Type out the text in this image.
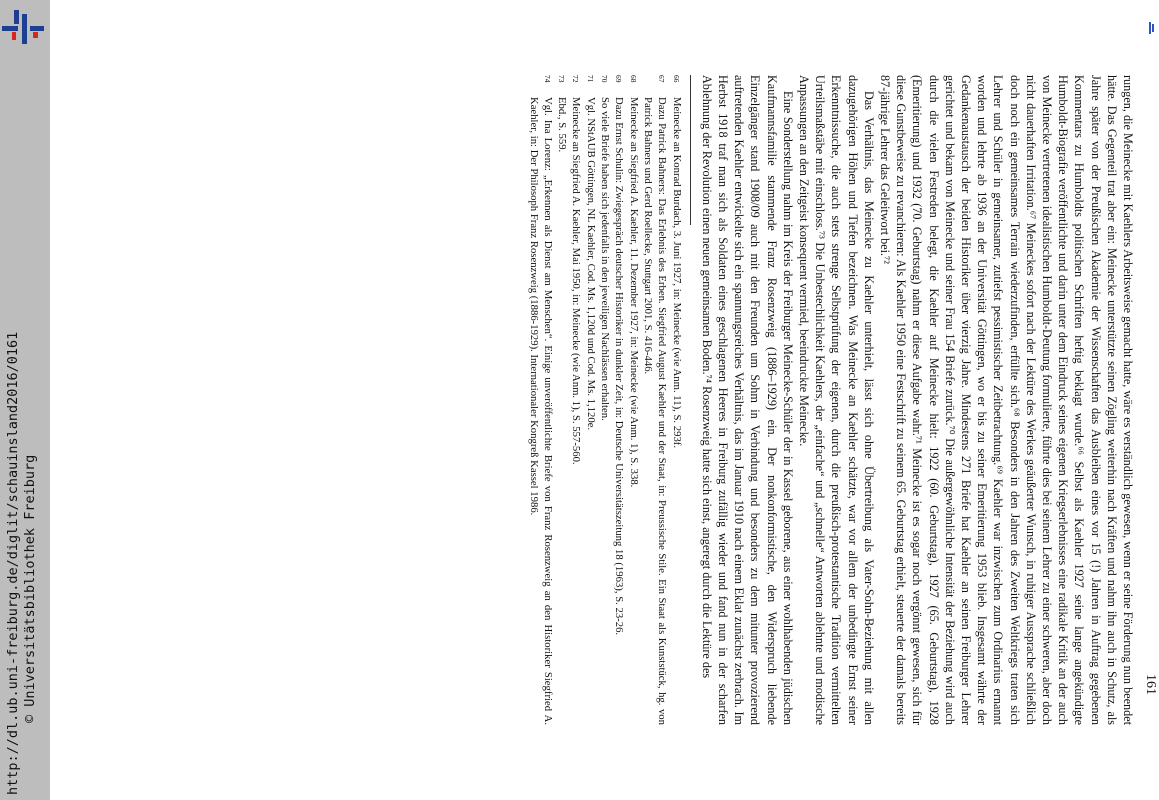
http://dl.ub.uni-freiburg.de/diglit/schauinsland2016/0161 © Universitätsbibliothek Freiburg	161

rungen, die Meinecke mit Kaehlers Arbeitsweise gemacht hatte, wäre es verständlich gewesen, wenn er seine Förderung nun beendet hätte. Das Gegenteil trat aber ein: Meinecke unterstützte seinen Zögling weiterhin nach Kräften und nahm ihn auch in Schutz, als Jahre später von der Preußischen Akademie der Wissenschaften das Ausbleiben eines vor 15 (!) Jahren in Auftrag gegebenen Kommentars zu Humboldts politischen Schriften heftig beklagt wurde.⁶⁶ Selbst als Kaehler 1927 seine lange angekündigte Humboldt-Biografie veröffentlichte und darin unter dem Eindruck seines eigenen Kriegserlebnisses eine radikale Kritik an der auch von Meinecke vertretenen idealistischen Humboldt-Deutung formulierte, führte dies bei seinem Lehrer zu einer schweren, aber doch nicht dauerhaften Irritation.⁶⁷ Meineckes sofort nach der Lektüre des Werkes geäußerter Wunsch, in ruhiger Aussprache schließlich doch noch ein gemeinsames Terrain wiederzufinden, erfüllte sich.⁶⁸ Besonders in den Jahren des Zweiten Weltkriegs traten sich Lehrer und Schüler in gemeinsamer, zutiefst pessimistischer Zeitbetrachtung.⁶⁹ Kaehler war inzwischen zum Ordinarius ernannt worden und lehrte ab 1936 an der Universität Göttingen, wo er bis zu seiner Emeritierung 1953 blieb. Insgesamt währte der Gedankenaustausch der beiden Historiker über vierzig Jahre. Mindestens 271 Briefe hat Kaehler an seinen Freiburger Lehrer gerichtet und bekam von Meinecke und seiner Frau 154 Briefe zurück.⁷⁰ Die außergewöhnliche Intensität der Beziehung wird auch durch die vielen Festreden belegt, die Kaehler auf Meinecke hielt: 1922 (60. Geburtstag), 1927 (65. Geburtstag), 1928 (Emeritierung) und 1932 (70. Geburtstag) nahm er diese Aufgabe wahr.⁷¹ Meinecke ist es sogar noch vergönnt gewesen, sich für diese Gunstbeweise zu revanchieren: Als Kaehler 1950 eine Festschrift zu seinem 65. Geburtstag erhielt, steuerte der damals bereits 87-jährige Lehrer das Geleitwort bei.⁷²

Das Verhältnis, das Meinecke zu Kaehler unterhielt, lässt sich ohne Übertreibung als Vater-Sohn-Beziehung mit allen dazugehörigen Höhen und Tiefen bezeichnen. Was Meinecke an Kaehler schätzte, war vor allem der unbedingte Ernst seiner Erkenntnissuche, die auch stets strenge Selbstprüfung der eigenen, durch die preußisch-protestantische Tradition vermittelten Urteilsmaßstäbe mit einschloss.⁷³ Die Unbestechlichkeit Kaehlers, der „einfache“ und „schnelle“ Antworten ablehnte und modische Anpassungen an den Zeitgeist konsequent vermied, beeindruckte Meinecke.

Eine Sonderstellung nahm im Kreis der Freiburger Meinecke-Schüler der in Kassel geborene, aus einer wohlhabenden jüdischen Kaufmannsfamilie stammende Franz Rosenzweig (1886–1929) ein. Der nonkonformistische, den Widerspruch liebende Einzelgänger stand 1908/09 auch mit den Freunden um Sohm in Verbindung und besonders zu dem mitunter provozierend auftretenden Kaehler entwickelte sich ein spannungsreiches Verhältnis, das im Januar 1910 nach einem Eklat zunächst zerbrach. Im Herbst 1918 traf man sich als Soldaten eines geschlagenen Heeres in Freiburg zufällig wieder und fand nun in der scharfen Ablehnung der Revolution einen neuen gemeinsamen Boden.⁷⁴ Rosenzweig hatte sich einst, angeregt durch die Lektüre des

66
Meinecke an Konrad Burdach, 3. Juni 1927, in: Meinecke (wie Anm. 11), S. 293f.
67
Dazu Patrick Bahners: Das Erlebnis des Erben. Siegfried August Kaehler und der Staat, in: Preussische Stile. Ein Staat als Kunststück, hg. von Patrick Bahners und Gerd Roellecke, Stuttgart 2001, S. 416-446.
68
Meinecke an Siegfried A. Kaehler, 11. Dezember 1927, in: Meinecke (wie Anm. 1), S. 338.
69
Dazu Ernst Schulin: Zwiegespräch deutscher Historiker in dunkler Zeit, in: Deutsche Universitätszeitung 18 (1963), S. 23-26.
70
So viele Briefe haben sich jedenfalls in den jeweiligen Nachlässen erhalten.
71
Vgl. NStAUB Göttingen, NL Kaehler, Cod. Ms. 1,120d und Cod. Ms. 1,120e.
72
Meinecke an Siegfried A. Kaehler, Mai 1950, in: Meinecke (wie Anm. 1), S. 557-560.
73
Ebd., S. 559.
74
Vgl. Ina Lorenz: „Erkennen als Dienst am Menschen“. Einige unveröffentlichte Briefe von Franz Rosenzweig an den Historiker Siegfried A. Kaehler, in: Der Philosoph Franz Rosenzweig (1886-1929). Internationaler Kongreß Kassel 1986.
